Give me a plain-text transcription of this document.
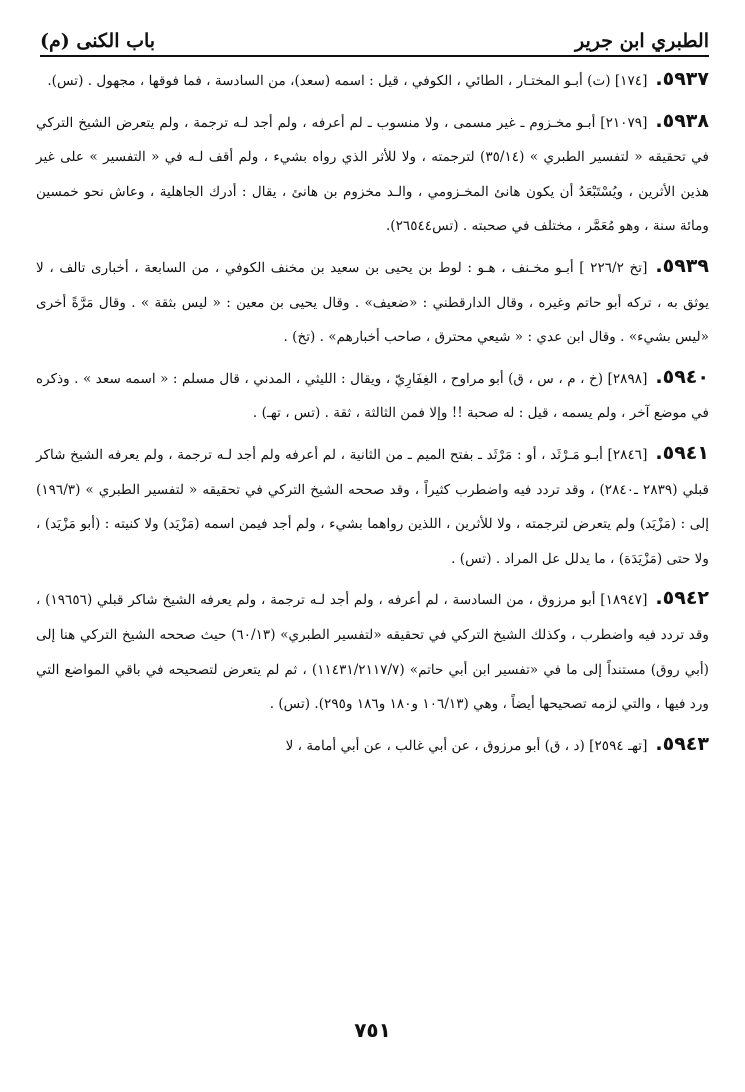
الطبري ابن جرير
باب الكنى (م)

٥٩٣٧.[١٧٤] (ت) أبـو المختـار ، الطائي ، الكوفي ، قيل : اسمه (سعد)، من السادسة ، فما فوقها ، مجهول . (تس).

٥٩٣٨.[٢١٠٧٩] أبـو مخـزوم ـ غير مسمى ، ولا منسوب ـ لم أعرفه ، ولم أجد لـه ترجمة ، ولم يتعرض الشيخ التركي في تحقيقه « لتفسير الطبري » (٣٥/١٤) لترجمته ، ولا للأثر الذي رواه بشيء ، ولم أقف لـه في « التفسير » على غير هذين الأثرين ، ويُسْتَبْعَدُ أن يكون هانئ المخـزومي ، والـد مخزوم بن هانئ ، يقال : أدرك الجاهلية ، وعاش نحو خمسين ومائة سنة ، وهو مُعَمَّر ، مختلف في صحبته . (تس٢٦٥٤٤).

٥٩٣٩.[تخ ٢٢٦/٢ ] أبـو مخـنف ، هـو : لوط بن يحيى بن سعيد بن مخنف الكوفي ، من السابعة ، أخبارى تالف ، لا يوثق به ، تركه أبو حاتم وغيره ، وقال الدارقطني : «ضعيف» . وقال يحيى بن معين : « ليس بثقة » . وقال مَرَّةً أخرى «ليس بشيء» . وقال ابن عدي : « شيعي محترق ، صاحب أخبارهم» . (تخ) .

٥٩٤٠.[٢٨٩٨] (خ ، م ، س ، ق) أبو مراوح ، الغِفَارِيّ ، ويقال : الليثي ، المدني ، قال مسلم : « اسمه سعد » . وذكره في موضع آخر ، ولم يسمه ، قيل : له صحبة !! وإلا فمن الثالثة ، ثقة . (تس ، تهـ) .

٥٩٤١.[٢٨٤٦] أبـو مَـرْثَد ، أو : مَرْثَد ـ بفتح الميم ـ من الثانية ، لم أعرفه ولم أجد لـه ترجمة ، ولم يعرفه الشيخ شاكر قبلي (٢٨٣٩ ـ٢٨٤٠) ، وقد تردد فيه واضطرب كثيراً ، وقد صححه الشيخ التركي في تحقيقه « لتفسير الطبري » (١٩٦/٣) إلى : (مَزْيَد) ولم يتعرض لترجمته ، ولا للأثرين ، اللذين رواهما بشيء ، ولم أجد فيمن اسمه (مَزْيَد) ولا كنيته : (أبو مَزْيَد) ، ولا حتى (مَزْيَدَة) ، ما يدلل عل المراد . (تس) .

٥٩٤٢.[١٨٩٤٧] أبو مرزوق ، من السادسة ، لم أعرفه ، ولم أجد لـه ترجمة ، ولم يعرفه الشيخ شاكر قبلي (١٩٦٥٦) ، وقد تردد فيه واضطرب ، وكذلك الشيخ التركي في تحقيقه «لتفسير الطبري» (٦٠/١٣) حيث صححه الشيخ التركي هنا إلى (أبي روق) مستنداً إلى ما في «تفسير ابن أبي حاتم» (١١٤٣١/٢١١٧/٧) ، ثم لم يتعرض لتصحيحه في باقي المواضع التي ورد فيها ، والتي لزمه تصحيحها أيضاً ، وهي (١٠٦/١٣ و١٨٠ و١٨٦ و٢٩٥). (تس) .

٥٩٤٣.[تهـ ٢٥٩٤] (د ، ق) أبو مرزوق ، عن أبي غالب ، عن أبي أمامة ، لا

٧٥١
